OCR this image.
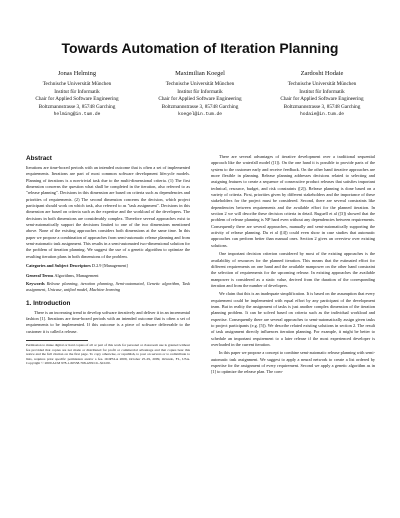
Towards Automation of Iteration Planning
Jonas Helming
Technische Universität München
Institut für Informatik
Chair for Applied Software Engineering
Boltzmannstrasse 3, 85748 Garching
helming@in.tum.de
Maximilian Koegel
Technische Universität München
Institut für Informatik
Chair for Applied Software Engineering
Boltzmannstrasse 3, 85748 Garching
koegel@in.tum.de
Zardosht Hodaie
Technische Universität München
Institut für Informatik
Chair for Applied Software Engineering
Boltzmannstrasse 3, 85748 Garching
hodaie@in.tum.de
Abstract

Iterations are time-boxed periods with an intended outcome that is often a set of implemented requirements. Iterations are part of most common software development lifecycle models. Planning of iterations is a non-trivial task due to the multi-dimensional criteria. (1) The first dimension concerns the question what shall be completed in the iteration, also referred to as "release planning". Decisions in this dimension are based on criteria such as dependencies and priorities of requirements. (2) The second dimension concerns the decision, which project participant should work on which task, also referred to as "task assignment". Decisions in this dimension are based on criteria such as the expertise and the workload of the developers. The decisions in both dimensions are considerably complex. Therefore several approaches exist to semi-automatically support the decisions limited to one of the two dimensions mentioned above. None of the existing approaches considers both dimensions at the same time. In this paper we propose a combination of approaches from semi-automatic release planning and from semi-automatic task assignment. This results in a semi-automated two-dimensional solution for the problem of iteration planning. We suggest the use of a genetic algorithm to optimize the resulting iteration plans in both dimensions of the problem.

Categories and Subject Descriptors D.2.9 [Management]

General Terms Algorithms, Management

Keywords Release planning, iteration planning, Semi-automated, Genetic algorithm, Task assignment, Unicase, unified model, Machine learning

1. Introduction

There is an increasing trend to develop software iteratively and deliver it in an incremental fashion [1]. Iterations are time-boxed periods with an intended outcome that is often a set of requirements to be implemented. If this outcome is a piece of software deliverable to the customer it is called a release.

Permission to make digital or hard copies of all or part of this work for personal or classroom use is granted without fee provided that copies are not made or distributed for profit or commercial advantage and that copies bear this notice and the full citation on the first page. To copy otherwise, or republish, to post on servers or to redistribute to lists, requires prior specific permission and/or a fee. OOPSLA 2009, October 25-29, 2009, Orlando, FL, USA. Copyright © 2009 ACM 978-1-60558-768-4/09/10...$10.00.

There are several advantages of iterative development over a traditional sequential approach like the waterfall model ([1]). On the one hand it is possible to provide parts of the system to the customer early and receive feedback. On the other hand iterative approaches are more flexible in planning. Release planning addresses decisions related to selecting and assigning features to create a sequence of consecutive product releases that satisfies important technical, resource, budget, and risk constraints ([2]). Release planning is done based on a variety of criteria. First, priorities given by different stakeholders and the importance of these stakeholders for the project must be considered. Second, there are several constraints like dependencies between requirements and the available effort for the planned iteration. In section 2 we will describe these decision criteria in detail. Ruguell et al ([3]) showed that the problem of release planning is NP hard even without any dependencies between requirements. Consequently there are several approaches, manually and semi-automatically supporting the activity of release planning. Du et al ([4]) could even show in case studies that automatic approaches can perform better than manual ones. Section 2 gives an overview over existing solutions.

One important decision criterion considered by most of the existing approaches is the availability of resources for the planned iteration. This means that the estimated effort for different requirements on one hand and the available manpower on the other hand constraint the selection of requirements for the upcoming release. In existing approaches the available manpower is considered as a static value, derived from the duration of the corresponding iteration and from the number of developers.

We claim that this is an inadequate simplification. It is based on the assumption that every requirement could be implemented with equal effort by any participant of the development team. But in reality the assignment of tasks is just another complex dimension of the iteration planning problem. It can be solved based on criteria such as the individual workload and expertise. Consequently there are several approaches to semi-automatically assign given tasks to project participants (e.g. [5]). We describe related existing solutions in section 2. The result of task assignment directly influences iteration planning. For example, it might be better to schedule an important requirement to a later release if the most experienced developer is overloaded in the current iteration.

In this paper we propose a concept to combine semi-automatic release planning with semi-automatic task assignment. We suggest to apply a neural network to create a list ordered by expertise for the assignment of every requirement. Second we apply a genetic algorithm as in [1] to optimize the release plan. The com-
